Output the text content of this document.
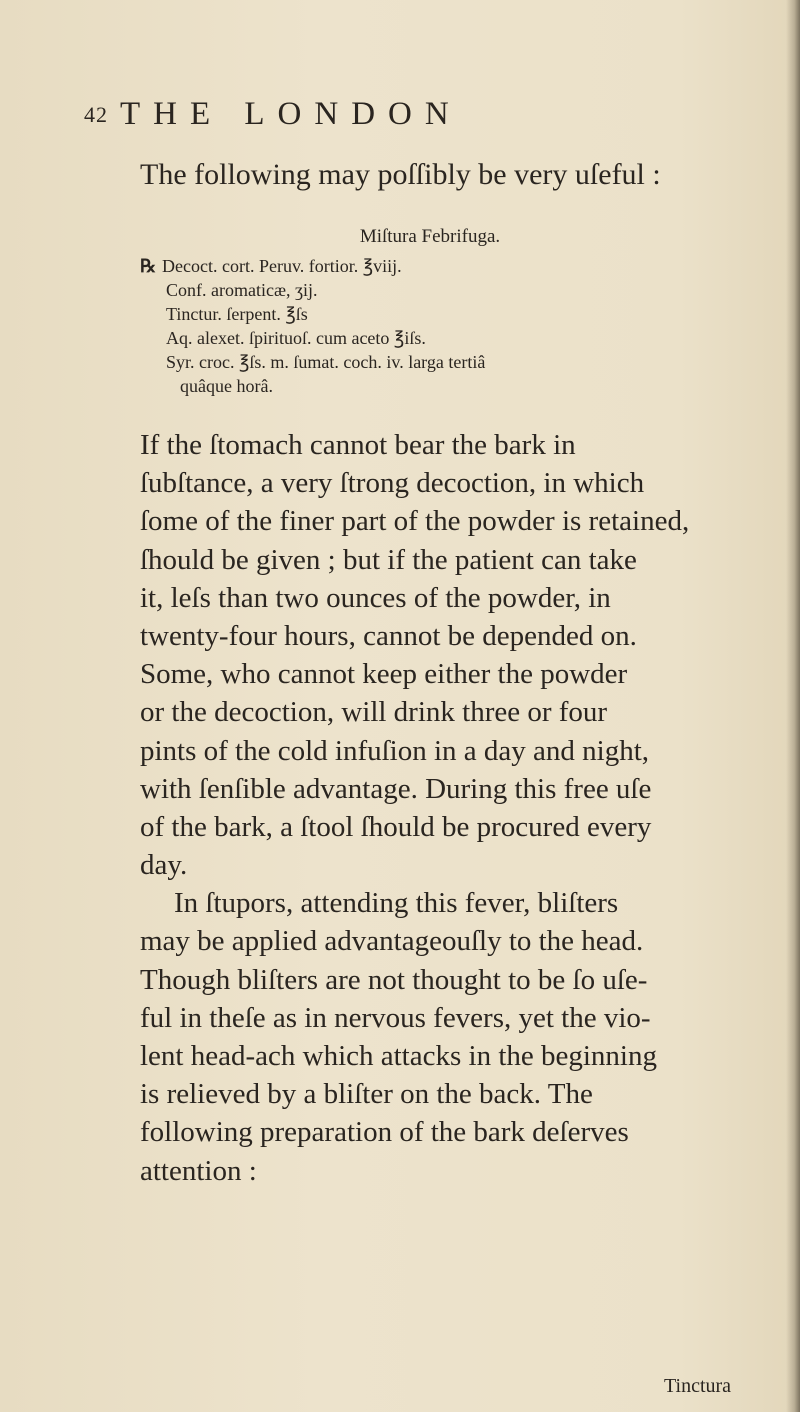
42 THE LONDON
The following may poſſibly be very uſeful :
Miſtura Febrifuga.
℞ Decoct. cort. Peruv. fortior. ℥viij.
Conf. aromaticæ, ʒij.
Tinctur. ſerpent. ℥ſs
Aq. alexet. ſpirituoſ. cum aceto ℥iſs.
Syr. croc. ℥ſs. m. ſumat. coch. iv. larga tertiâ
quâque horâ.
If the ſtomach cannot bear the bark in
ſubſtance, a very ſtrong decoction, in which
ſome of the finer part of the powder is retained,
ſhould be given ; but if the patient can take
it, leſs than two ounces of the powder, in
twenty-four hours, cannot be depended on.
Some, who cannot keep either the powder
or the decoction, will drink three or four
pints of the cold infuſion in a day and night,
with ſenſible advantage. During this free uſe
of the bark, a ſtool ſhould be procured every
day.
In ſtupors, attending this fever, bliſters
may be applied advantageouſly to the head.
Though bliſters are not thought to be ſo uſe-
ful in theſe as in nervous fevers, yet the vio-
lent head-ach which attacks in the beginning
is relieved by a bliſter on the back. The
following preparation of the bark deſerves
attention :
Tinctura
